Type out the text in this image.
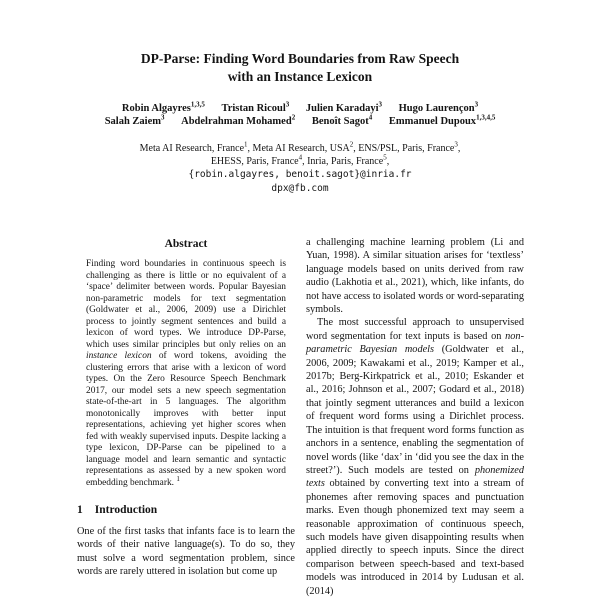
DP-Parse: Finding Word Boundaries from Raw Speech
with an Instance Lexicon
Robin Algayres$^{1,3,5}$ Tristan Ricoul$^3$ Julien Karadayi$^3$ Hugo Laurençon$^3$
Salah Zaiem$^3$ Abdelrahman Mohamed$^2$ Benoît Sagot$^4$ Emmanuel Dupoux$^{1,3,4,5}$
Meta AI Research, France$^1$, Meta AI Research, USA$^2$, ENS/PSL, Paris, France$^3$,
EHESS, Paris, France$^4$, Inria, Paris, France$^5$,
{robin.algayres, benoit.sagot}@inria.fr
dpx@fb.com
Abstract
Finding word boundaries in continuous speech is challenging as there is little or no equivalent of a ‘space’ delimiter between words. Popular Bayesian non-parametric models for text segmentation (Goldwater et al., 2006, 2009) use a Dirichlet process to jointly segment sentences and build a lexicon of word types. We introduce DP-Parse, which uses similar principles but only relies on an instance lexicon of word tokens, avoiding the clustering errors that arise with a lexicon of word types. On the Zero Resource Speech Benchmark 2017, our model sets a new speech segmentation state-of-the-art in 5 languages. The algorithm monotonically improves with better input representations, achieving yet higher scores when fed with weakly supervised inputs. Despite lacking a type lexicon, DP-Parse can be pipelined to a language model and learn semantic and syntactic representations as assessed by a new spoken word embedding benchmark. $^1$
1 Introduction
One of the first tasks that infants face is to learn the words of their native language(s). To do so, they must solve a word segmentation problem, since words are rarely uttered in isolation but come up
a challenging machine learning problem (Li and Yuan, 1998). A similar situation arises for ‘textless’ language models based on units derived from raw audio (Lakhotia et al., 2021), which, like infants, do not have access to isolated words or word-separating symbols.
The most successful approach to unsupervised word segmentation for text inputs is based on non-parametric Bayesian models (Goldwater et al., 2006, 2009; Kawakami et al., 2019; Kamper et al., 2017b; Berg-Kirkpatrick et al., 2010; Eskander et al., 2016; Johnson et al., 2007; Godard et al., 2018) that jointly segment utterances and build a lexicon of frequent word forms using a Dirichlet process. The intuition is that frequent word forms function as anchors in a sentence, enabling the segmentation of novel words (like ‘dax’ in ‘did you see the dax in the street?’). Such models are tested on phonemized texts obtained by converting text into a stream of phonemes after removing spaces and punctuation marks. Even though phonemized text may seem a reasonable approximation of continuous speech, such models have given disappointing results when applied directly to speech inputs. Since the direct comparison between speech-based and text-based models was introduced in 2014 by Ludusan et al. (2014)
